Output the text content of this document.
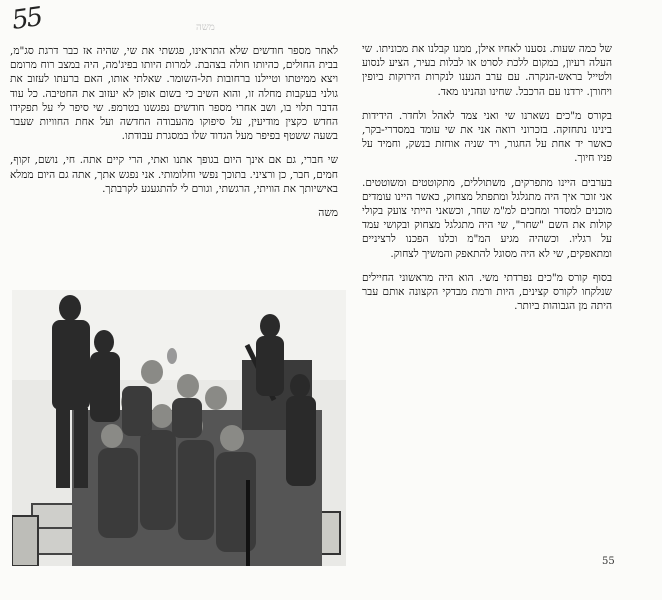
55	משה

של כמה שעות. נסענו לאחיו אילן, ממנו קבלנו את מכוניתו. שי העלה רעיון, במקום ללכת לסרט או לבלות בעיר, הציע לנסוע ולטייל בראש-הנקרה. עם ערב הגענו לנקרות הירוקות ביופין ויחורן. ירדנו עם הרכבל. שחינו ונהנינו מאד.

בקורס מ"כים נשארנו שי ואני צמד לאהל ולחדר. הידידות בינינו נתחזקה. בזכרוני רואה אני את שי עומד במסדרי-בקר, כאשר יד אחת על החגור, ויד שניה אוחזת בנשק, וחמיד על פניו חיוך.

בערבים היינו מתפרקים, משתוללים, מתקוטטים ומשוטטים. אני זוכר איך היה מתגלגל ומתפתל מצחוק, כאשר היינו עומדים מוכנים למסדר ומחכים למ"מ שחר, וכשאני הייתי צועק בקולי קולות את השם "שחר", שי היה מתגלגל מצחוק ובקושי עמד על רגליו. וכשהיה מגיע המ"מ וכלנו הפכנו לרציניים ומתאפקים, שי לא היה מסוגל להתאפק והמשיך לצחוק.

בסוף קורס מ"כים נפרדתי משי. הוא היה מראשוני החיילים שנלקחו לקורס קצינים, היות ורמת מבדקי הקצונה אותם עבר היתה מן הגבוהות ביותר.

לאחר מספר חודשים שלא התראינו, פגשתי את שי, שהיה אז כבר דרגת סג"מ, בבית החולים, כהיותו חולה בצהבת. למרות היותו בפיג'מה, היה במצב רוח מרומם ויצא ממיטתו וטיילנו ברחובות תל-השומר. שאלתי אותו, האם ברעתו לעזוב את גולני בעקבות מחלה זו, והוא השיב כי בשום אופן לא יעזוב את החטיבה. כל עוד הדבר תלוי בו, ושב אחרי מספר חודשים נפגשנו בטרמפ. שי סיפר לי על תפקידו החדש כקצין מודיעין, על סיפוקו מהעבודה החדשה ועל אחת החוויות שעבר בשעה ששטף בפיפר מעל הגדוד שלו במסגרת עבודתו.

שי חברי, גם אם אינך היום בגופך אתנו ואתי, הרי קיים אתה. חי, נושם, זקוף, חמים, חבר, כן ורציני. בתוכך נפשי וחלומותי. אני נפגש אתך, אתה גם היום ממלא באישיותך את הוויתי, הרגשתי, וגורם לי להתגעגע לקרבתך.

משה
55
